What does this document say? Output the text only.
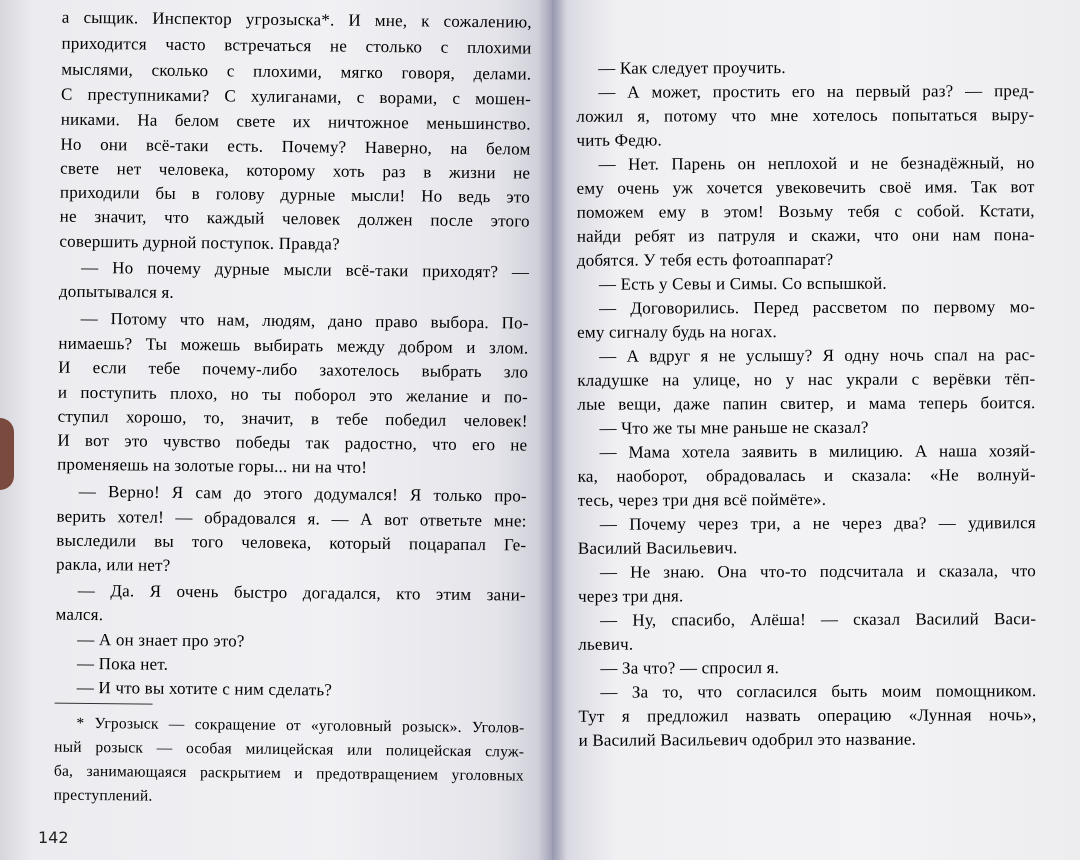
а сыщик. Инспектор угрозыска*. И мне, к сожалению,
приходится часто встречаться не столько с плохими
мыслями, сколько с плохими, мягко говоря, делами.
С преступниками? С хулиганами, с ворами, с мошен-
никами. На белом свете их ничтожное меньшинство.
Но они всё-таки есть. Почему? Наверно, на белом
свете нет человека, которому хоть раз в жизни не
приходили бы в голову дурные мысли! Но ведь это
не значит, что каждый человек должен после этого
совершить дурной поступок. Правда?
— Но почему дурные мысли всё-таки приходят? —
допытывался я.
— Потому что нам, людям, дано право выбора. По-
нимаешь? Ты можешь выбирать между добром и злом.
И если тебе почему-либо захотелось выбрать зло
и поступить плохо, но ты поборол это желание и по-
ступил хорошо, то, значит, в тебе победил человек!
И вот это чувство победы так радостно, что его не
променяешь на золотые горы... ни на что!
— Верно! Я сам до этого додумался! Я только про-
верить хотел! — обрадовался я. — А вот ответьте мне:
выследили вы того человека, который поцарапал Ге-
ракла, или нет?
— Да. Я очень быстро догадался, кто этим зани-
мался.
— А он знает про это?
— Пока нет.
— И что вы хотите с ним сделать?
* Угрозыск — сокращение от «уголовный розыск». Уголов-
ный розыск — особая милицейская или полицейская служ-
ба, занимающаяся раскрытием и предотвращением уголовных
преступлений.
142
— Как следует проучить.
— А может, простить его на первый раз? — пред-
ложил я, потому что мне хотелось попытаться выру-
чить Федю.
— Нет. Парень он неплохой и не безнадёжный, но
ему очень уж хочется увековечить своё имя. Так вот
поможем ему в этом! Возьму тебя с собой. Кстати,
найди ребят из патруля и скажи, что они нам пона-
добятся. У тебя есть фотоаппарат?
— Есть у Севы и Симы. Со вспышкой.
— Договорились. Перед рассветом по первому мо-
ему сигналу будь на ногах.
— А вдруг я не услышу? Я одну ночь спал на рас-
кладушке на улице, но у нас украли с верёвки тёп-
лые вещи, даже папин свитер, и мама теперь боится.
— Что же ты мне раньше не сказал?
— Мама хотела заявить в милицию. А наша хозяй-
ка, наоборот, обрадовалась и сказала: «Не волнуй-
тесь, через три дня всё поймёте».
— Почему через три, а не через два? — удивился
Василий Васильевич.
— Не знаю. Она что-то подсчитала и сказала, что
через три дня.
— Ну, спасибо, Алёша! — сказал Василий Васи-
льевич.
— За что? — спросил я.
— За то, что согласился быть моим помощником.
Тут я предложил назвать операцию «Лунная ночь»,
и Василий Васильевич одобрил это название.
